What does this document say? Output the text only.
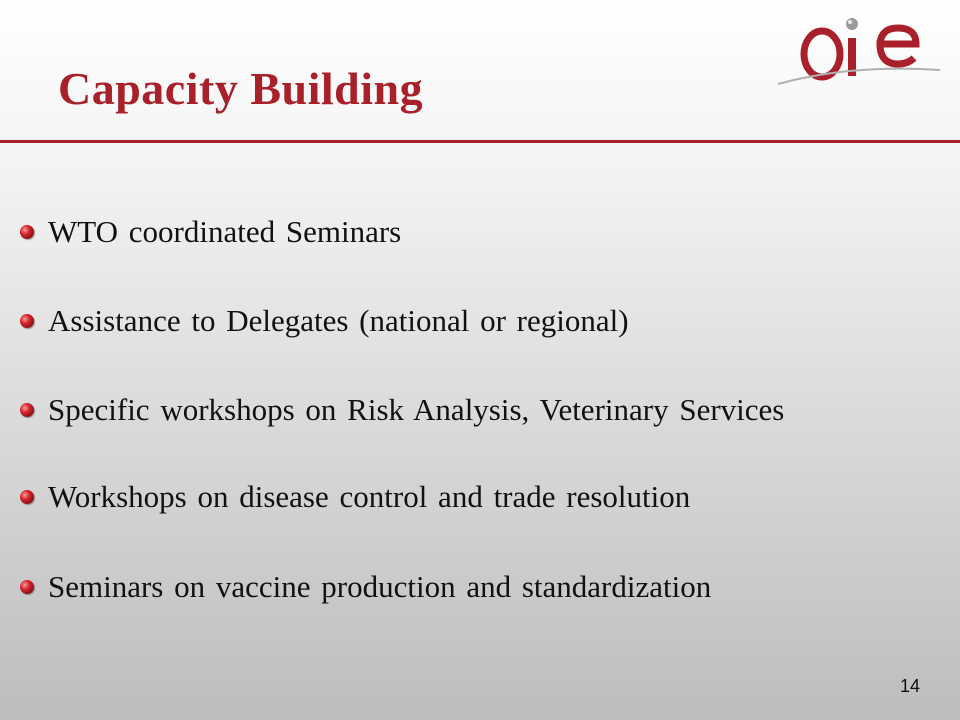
Capacity Building
WTO coordinated Seminars
Assistance to Delegates (national or regional)
Specific workshops on Risk Analysis, Veterinary Services
Workshops on disease control and trade resolution
Seminars on vaccine production and standardization
14
